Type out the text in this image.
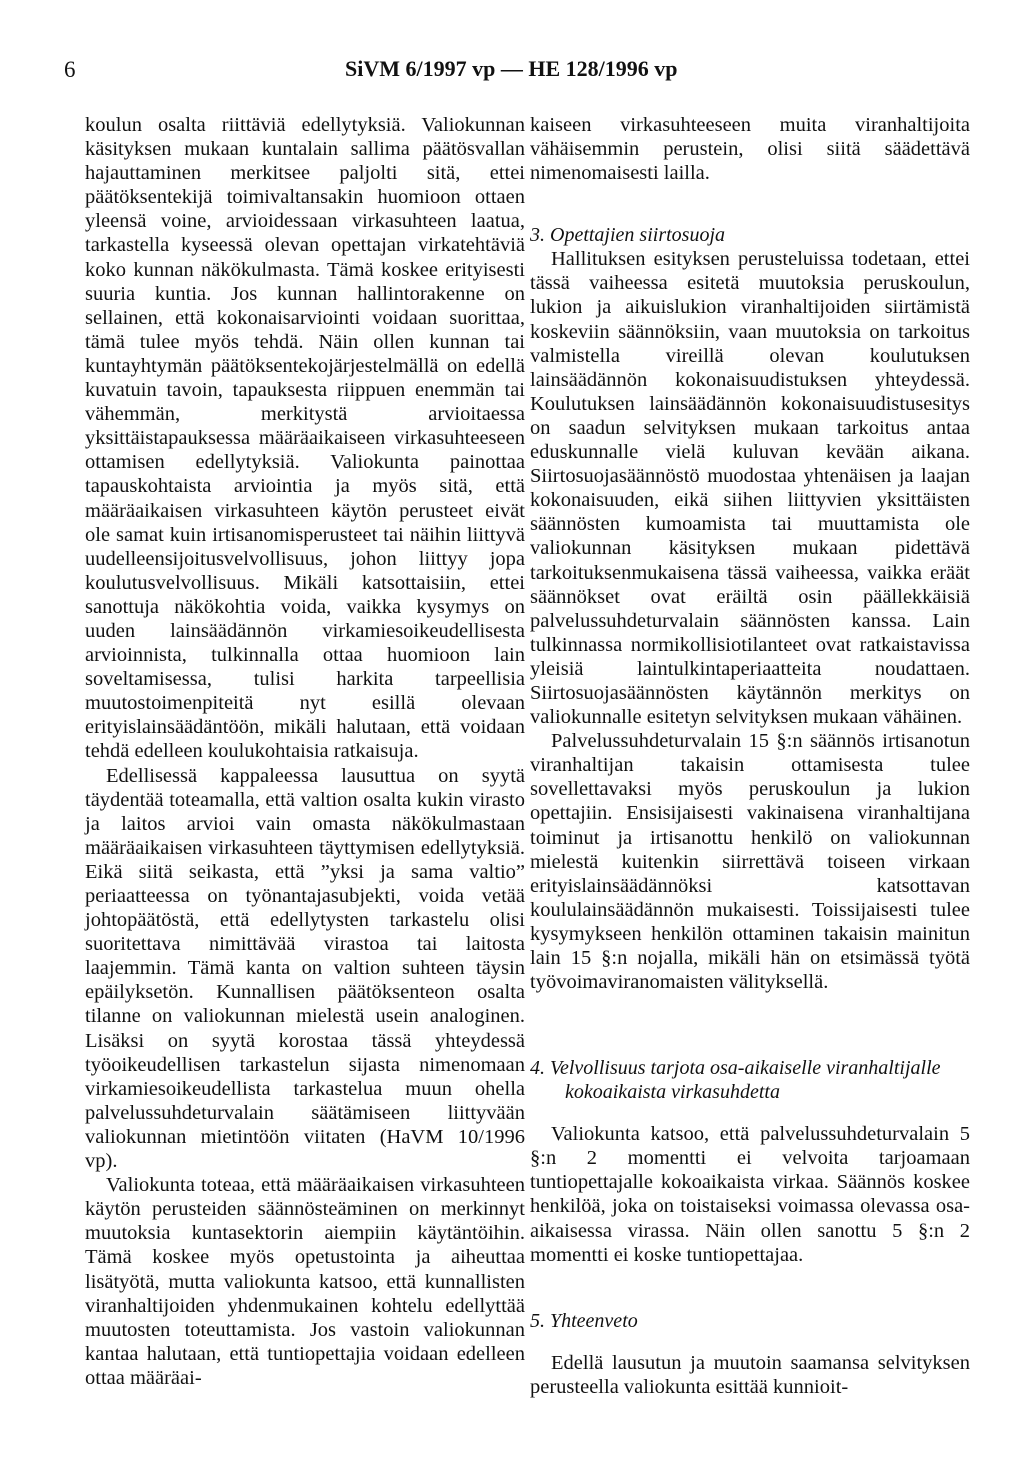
6	SiVM 6/1997 vp — HE 128/1996 vp

koulun osalta riittäviä edellytyksiä. Valiokunnan käsityksen mukaan kuntalain sallima päätösvallan hajauttaminen merkitsee paljolti sitä, ettei päätöksentekijä toimivaltansakin huomioon ottaen yleensä voine, arvioidessaan virkasuhteen laatua, tarkastella kyseessä olevan opettajan virkatehtäviä koko kunnan näkökulmasta. Tämä koskee erityisesti suuria kuntia. Jos kunnan hallintorakenne on sellainen, että kokonaisarviointi voidaan suorittaa, tämä tulee myös tehdä. Näin ollen kunnan tai kuntayhtymän päätöksentekojärjestelmällä on edellä kuvatuin tavoin, tapauksesta riippuen enemmän tai vähemmän, merkitystä arvioitaessa yksittäistapauksessa määräaikaiseen virkasuhteeseen ottamisen edellytyksiä. Valiokunta painottaa tapauskohtaista arviointia ja myös sitä, että määräaikaisen virkasuhteen käytön perusteet eivät ole samat kuin irtisanomisperusteet tai näihin liittyvä uudelleensijoitusvelvollisuus, johon liittyy jopa koulutusvelvollisuus. Mikäli katsottaisiin, ettei sanottuja näkökohtia voida, vaikka kysymys on uuden lainsäädännön virkamiesoikeudellisesta arvioinnista, tulkinnalla ottaa huomioon lain soveltamisessa, tulisi harkita tarpeellisia muutostoimenpiteitä nyt esillä olevaan erityislainsäädäntöön, mikäli halutaan, että voidaan tehdä edelleen koulukohtaisia ratkaisuja.

Edellisessä kappaleessa lausuttua on syytä täydentää toteamalla, että valtion osalta kukin virasto ja laitos arvioi vain omasta näkökulmastaan määräaikaisen virkasuhteen täyttymisen edellytyksiä. Eikä siitä seikasta, että ”yksi ja sama valtio” periaatteessa on työnantajasubjekti, voida vetää johtopäätöstä, että edellytysten tarkastelu olisi suoritettava nimittävää virastoa tai laitosta laajemmin. Tämä kanta on valtion suhteen täysin epäilyksetön. Kunnallisen päätöksenteon osalta tilanne on valiokunnan mielestä usein analoginen. Lisäksi on syytä korostaa tässä yhteydessä työoikeudellisen tarkastelun sijasta nimenomaan virkamiesoikeudellista tarkastelua muun ohella palvelussuhdeturvalain säätämiseen liittyvään valiokunnan mietintöön viitaten (HaVM 10/1996 vp).

Valiokunta toteaa, että määräaikaisen virkasuhteen käytön perusteiden säännösteäminen on merkinnyt muutoksia kuntasektorin aiempiin käytäntöihin. Tämä koskee myös opetustointa ja aiheuttaa lisätyötä, mutta valiokunta katsoo, että kunnallisten viranhaltijoiden yhdenmukainen kohtelu edellyttää muutosten toteuttamista. Jos vastoin valiokunnan kantaa halutaan, että tuntiopettajia voidaan edelleen ottaa määräai-

kaiseen virkasuhteeseen muita viranhaltijoita vähäisemmin perustein, olisi siitä säädettävä nimenomaisesti lailla.

3. Opettajien siirtosuoja

Hallituksen esityksen perusteluissa todetaan, ettei tässä vaiheessa esitetä muutoksia peruskoulun, lukion ja aikuislukion viranhaltijoiden siirtämistä koskeviin säännöksiin, vaan muutoksia on tarkoitus valmistella vireillä olevan koulutuksen lainsäädännön kokonaisuudistuksen yhteydessä. Koulutuksen lainsäädännön kokonaisuudistusesitys on saadun selvityksen mukaan tarkoitus antaa eduskunnalle vielä kuluvan kevään aikana. Siirtosuojasäännöstö muodostaa yhtenäisen ja laajan kokonaisuuden, eikä siihen liittyvien yksittäisten säännösten kumoamista tai muuttamista ole valiokunnan käsityksen mukaan pidettävä tarkoituksenmukaisena tässä vaiheessa, vaikka eräät säännökset ovat eräiltä osin päällekkäisiä palvelussuhdeturvalain säännösten kanssa. Lain tulkinnassa normikollisiotilanteet ovat ratkaistavissa yleisiä laintulkintaperiaatteita noudattaen. Siirtosuojasäännösten käytännön merkitys on valiokunnalle esitetyn selvityksen mukaan vähäinen.

Palvelussuhdeturvalain 15 §:n säännös irtisanotun viranhaltijan takaisin ottamisesta tulee sovellettavaksi myös peruskoulun ja lukion opettajiin. Ensisijaisesti vakinaisena viranhaltijana toiminut ja irtisanottu henkilö on valiokunnan mielestä kuitenkin siirrettävä toiseen virkaan erityislainsäädännöksi katsottavan koululainsäädännön mukaisesti. Toissijaisesti tulee kysymykseen henkilön ottaminen takaisin mainitun lain 15 §:n nojalla, mikäli hän on etsimässä työtä työvoimaviranomaisten välityksellä.

4. Velvollisuus tarjota osa-aikaiselle viranhaltijalle kokoaikaista virkasuhdetta

Valiokunta katsoo, että palvelussuhdeturvalain 5 §:n 2 momentti ei velvoita tarjoamaan tuntiopettajalle kokoaikaista virkaa. Säännös koskee henkilöä, joka on toistaiseksi voimassa olevassa osa-aikaisessa virassa. Näin ollen sanottu 5 §:n 2 momentti ei koske tuntiopettajaa.

5. Yhteenveto

Edellä lausutun ja muutoin saamansa selvityksen perusteella valiokunta esittää kunnioit-
